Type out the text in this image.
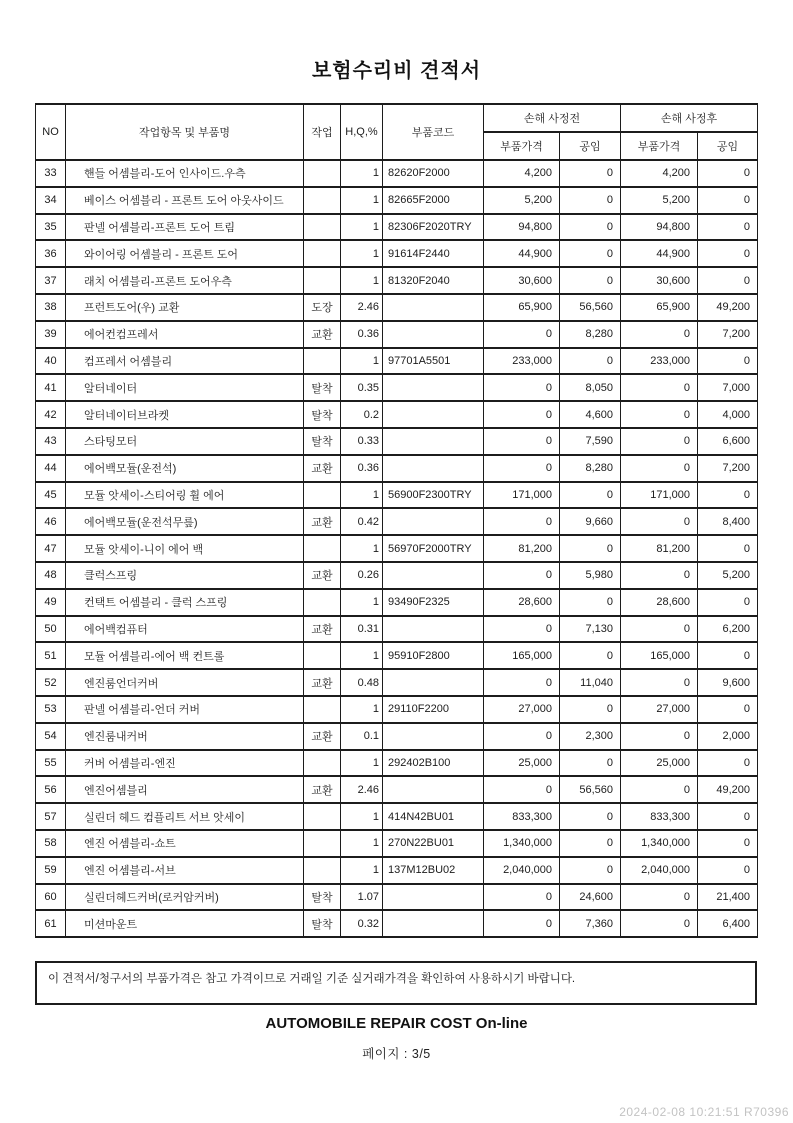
보험수리비 견적서
NO	작업항목 및 부품명	작업	H,Q,%	부품코드	손해 사정전		손해 사정후	
					부품가격	공임	부품가격	공임
33	핸들 어셈블리-도어 인사이드.우측		1	82620F2000	4,200	0	4,200	0
34	베이스 어셈블리 - 프론트 도어 아웃사이드		1	82665F2000	5,200	0	5,200	0
35	판넬 어셈블리-프론트 도어 트림		1	82306F2020TRY	94,800	0	94,800	0
36	와이어링 어셈블리 - 프론트 도어		1	91614F2440	44,900	0	44,900	0
37	래치 어셈블리-프론트 도어우측		1	81320F2040	30,600	0	30,600	0
38	프런트도어(우) 교환	도장	2.46		65,900	56,560	65,900	49,200
39	에어컨컴프레서	교환	0.36		0	8,280	0	7,200
40	컴프레서 어셈블리		1	97701A5501	233,000	0	233,000	0
41	알터네이터	탈착	0.35		0	8,050	0	7,000
42	알터네이터브라켓	탈착	0.2		0	4,600	0	4,000
43	스타팅모터	탈착	0.33		0	7,590	0	6,600
44	에어백모듈(운전석)	교환	0.36		0	8,280	0	7,200
45	모듈 앗세이-스티어링 휠 에어		1	56900F2300TRY	171,000	0	171,000	0
46	에어백모듈(운전석무릎)	교환	0.42		0	9,660	0	8,400
47	모듈 앗세이-니이 에어 백		1	56970F2000TRY	81,200	0	81,200	0
48	클럭스프링	교환	0.26		0	5,980	0	5,200
49	컨택트 어셈블리 - 클럭 스프링		1	93490F2325	28,600	0	28,600	0
50	에어백컴퓨터	교환	0.31		0	7,130	0	6,200
51	모듈 어셈블리-에어 백 컨트롤		1	95910F2800	165,000	0	165,000	0
52	엔진룸언더커버	교환	0.48		0	11,040	0	9,600
53	판넬 어셈블리-언더 커버		1	29110F2200	27,000	0	27,000	0
54	엔진룸내커버	교환	0.1		0	2,300	0	2,000
55	커버 어셈블리-엔진		1	292402B100	25,000	0	25,000	0
56	엔진어셈블리	교환	2.46		0	56,560	0	49,200
57	실린더 헤드 컴플리트 서브 앗세이		1	414N42BU01	833,300	0	833,300	0
58	엔진 어셈블리-쇼트		1	270N22BU01	1,340,000	0	1,340,000	0
59	엔진 어셈블리-서브		1	137M12BU02	2,040,000	0	2,040,000	0
60	실린더헤드커버(로커암커버)	탈착	1.07		0	24,600	0	21,400
61	미션마운트	탈착	0.32		0	7,360	0	6,400
이 견적서/청구서의 부품가격은 참고 가격이므로 거래일 기준 실거래가격을 확인하여 사용하시기 바랍니다.
AUTOMOBILE REPAIR COST On-line
페이지 : 3/5
2024-02-08 10:21:51 R70396
